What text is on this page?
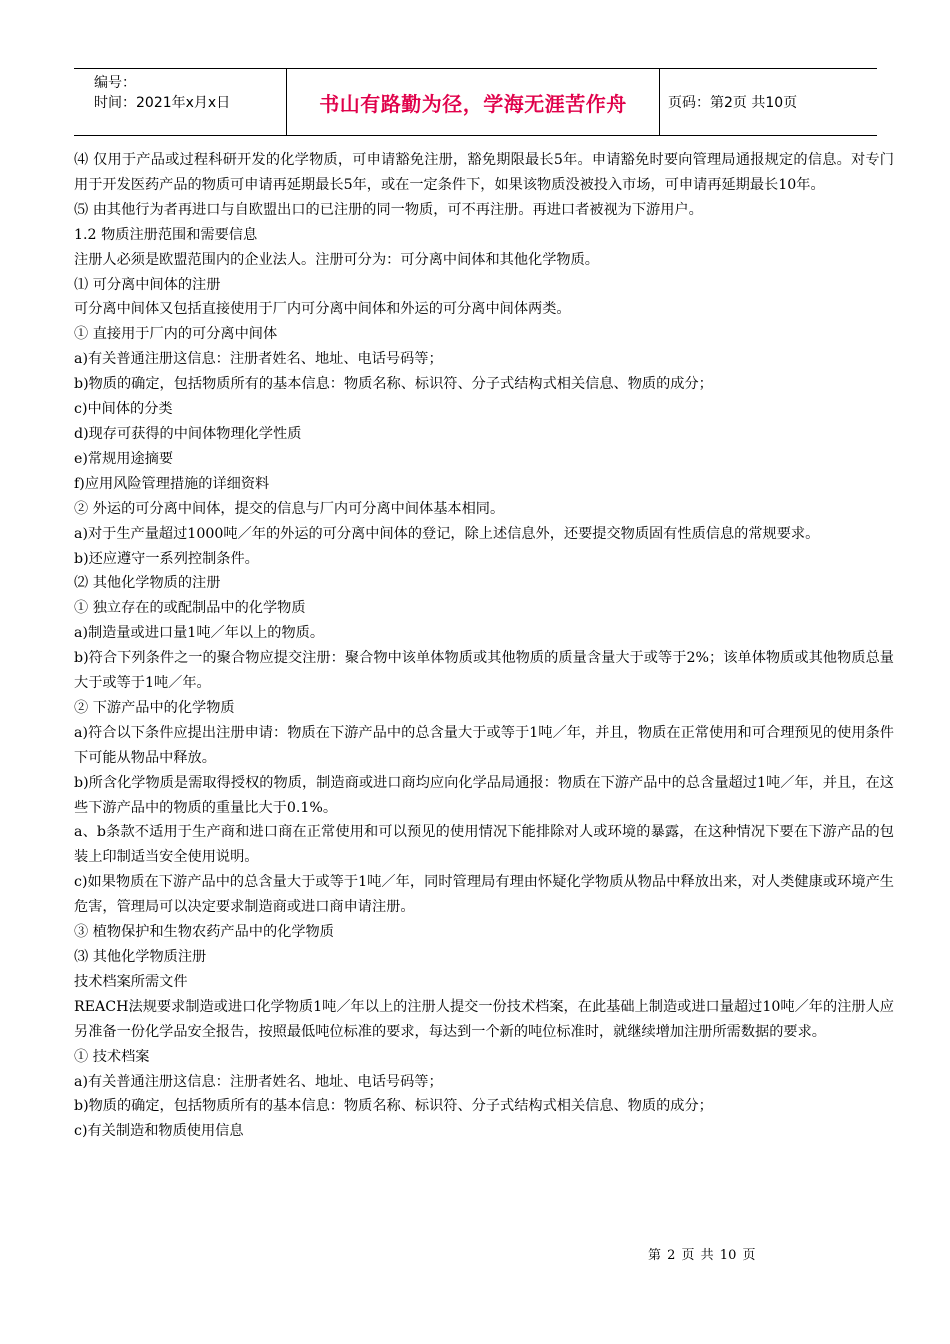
编号：
时间：2021年x月x日	书山有路勤为径，学海无涯苦作舟	页码：第2页 共10页

⑷ 仅用于产品或过程科研开发的化学物质，可申请豁免注册，豁免期限最长5年。申请豁免时要向管理局通报规定的信息。对专门用于开发医药产品的物质可申请再延期最长5年，或在一定条件下，如果该物质没被投入市场，可申请再延期最长10年。

⑸ 由其他行为者再进口与自欧盟出口的已注册的同一物质，可不再注册。再进口者被视为下游用户。

1.2 物质注册范围和需要信息

注册人必须是欧盟范围内的企业法人。注册可分为：可分离中间体和其他化学物质。

⑴ 可分离中间体的注册

可分离中间体又包括直接使用于厂内可分离中间体和外运的可分离中间体两类。

① 直接用于厂内的可分离中间体

a)有关普通注册这信息：注册者姓名、地址、电话号码等；

b)物质的确定，包括物质所有的基本信息：物质名称、标识符、分子式结构式相关信息、物质的成分；

c)中间体的分类

d)现存可获得的中间体物理化学性质

e)常规用途摘要

f)应用风险管理措施的详细资料

② 外运的可分离中间体，提交的信息与厂内可分离中间体基本相同。

a)对于生产量超过1000吨／年的外运的可分离中间体的登记，除上述信息外，还要提交物质固有性质信息的常规要求。

b)还应遵守一系列控制条件。

⑵ 其他化学物质的注册

① 独立存在的或配制品中的化学物质

a)制造量或进口量1吨／年以上的物质。

b)符合下列条件之一的聚合物应提交注册：聚合物中该单体物质或其他物质的质量含量大于或等于2%；该单体物质或其他物质总量大于或等于1吨／年。

② 下游产品中的化学物质

a)符合以下条件应提出注册申请：物质在下游产品中的总含量大于或等于1吨／年，并且，物质在正常使用和可合理预见的使用条件下可能从物品中释放。

b)所含化学物质是需取得授权的物质，制造商或进口商均应向化学品局通报：物质在下游产品中的总含量超过1吨／年，并且，在这些下游产品中的物质的重量比大于0.1%。

a、b条款不适用于生产商和进口商在正常使用和可以预见的使用情况下能排除对人或环境的暴露，在这种情况下要在下游产品的包装上印制适当安全使用说明。

c)如果物质在下游产品中的总含量大于或等于1吨／年，同时管理局有理由怀疑化学物质从物品中释放出来，对人类健康或环境产生危害，管理局可以决定要求制造商或进口商申请注册。

③ 植物保护和生物农药产品中的化学物质

⑶ 其他化学物质注册

技术档案所需文件

REACH法规要求制造或进口化学物质1吨／年以上的注册人提交一份技术档案，在此基础上制造或进口量超过10吨／年的注册人应另准备一份化学品安全报告，按照最低吨位标准的要求，每达到一个新的吨位标准时，就继续增加注册所需数据的要求。

① 技术档案

a)有关普通注册这信息：注册者姓名、地址、电话号码等；

b)物质的确定，包括物质所有的基本信息：物质名称、标识符、分子式结构式相关信息、物质的成分；

c)有关制造和物质使用信息

第 2 页 共 10 页
